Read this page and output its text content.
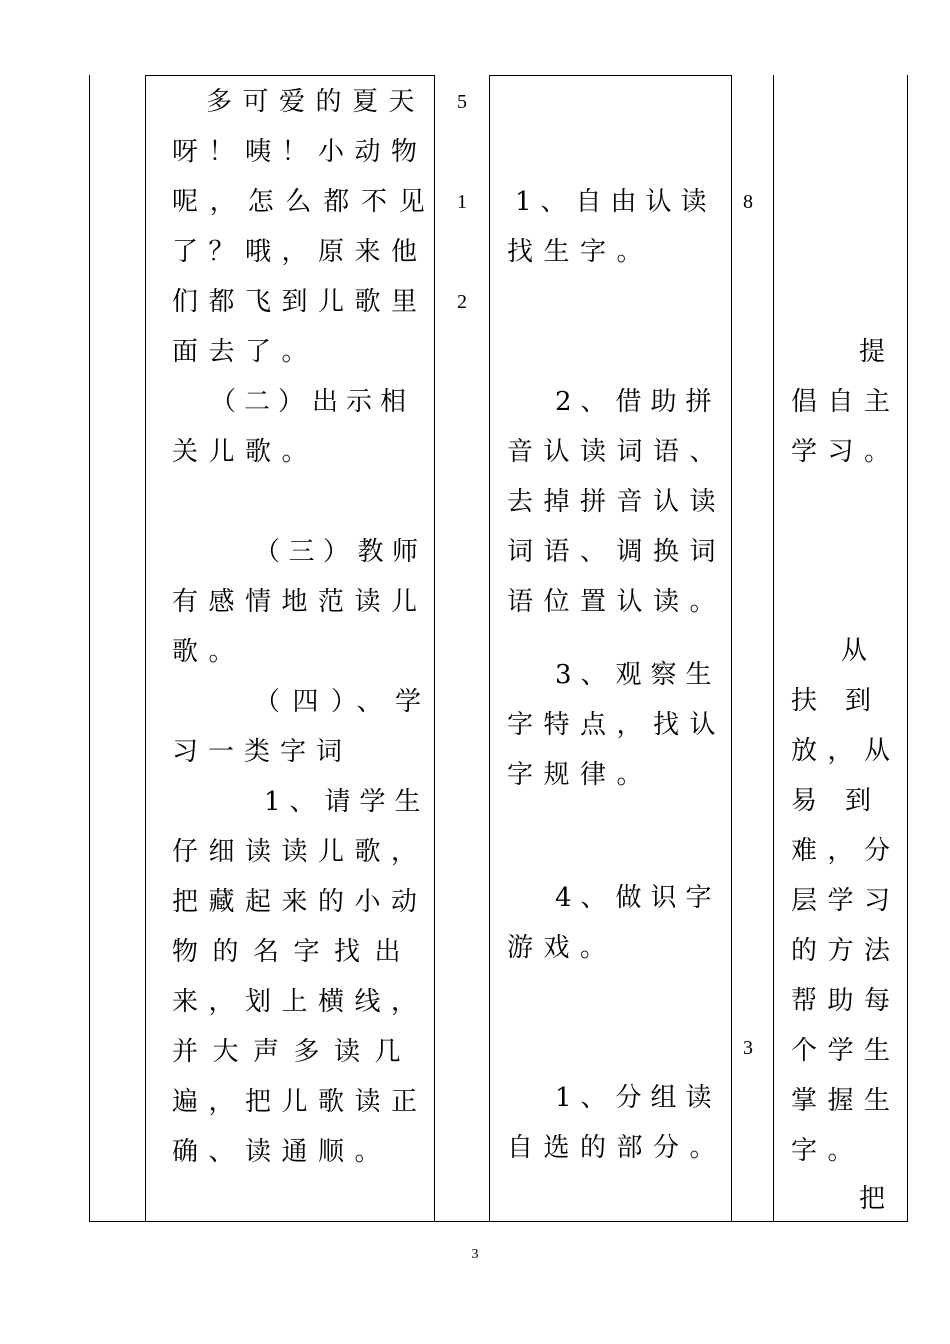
多可爱的夏天
呀！咦！小动物
呢，怎么都不见
了？哦，原来他
们都飞到儿歌里
面去了。
（二）出示相
关儿歌。
（三）教师
有感情地范读儿
歌。
（四）、学
习一类字词
1、请学生
仔细读读儿歌，
把藏起来的小动
物的名字找出
来，划上横线，
并大声多读几
遍，把儿歌读正
确、读通顺。
5
1
2
1、自由认读
找生字。
2、借助拼
音认读词语、
去掉拼音认读
词语、调换词
语位置认读。
3、观察生
字特点，找认
字规律。
4、做识字
游戏。
1、分组读
自选的部分。
8
3
提
倡自主
学习。
从
扶　到
放，从
易　到
难，分
层学习
的方法
帮助每
个学生
掌握生
字。
把
3
